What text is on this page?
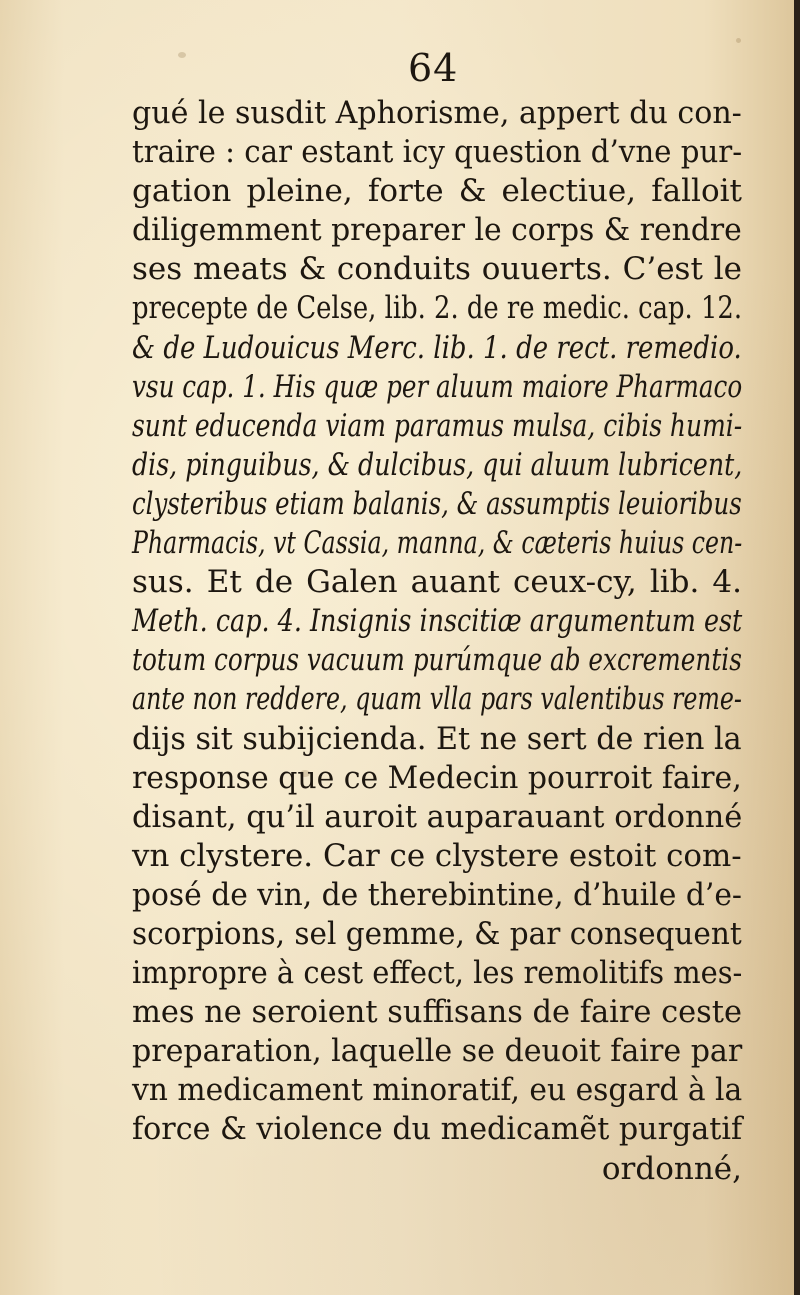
64
gué le susdit Aphorisme, appert du con-
traire : car estant icy question d’vne pur-
gation pleine, forte & electiue, falloit
diligemment preparer le corps & rendre
ses meats & conduits ouuerts. C’est le
precepte de Celse, lib. 2. de re medic. cap. 12.
& de Ludouicus Merc. lib. 1. de rect. remedio.
vsu cap. 1. His quæ per aluum maiore Pharmaco
sunt educenda viam paramus mulsa, cibis humi-
dis, pinguibus, & dulcibus, qui aluum lubricent,
clysteribus etiam balanis, & assumptis leuioribus
Pharmacis, vt Cassia, manna, & cæteris huius cen-
sus. Et de Galen auant ceux-cy, lib. 4.
Meth. cap. 4. Insignis inscitiæ argumentum est
totum corpus vacuum purúmque ab excrementis
ante non reddere, quam vlla pars valentibus reme-
dijs sit subijcienda. Et ne sert de rien la
response que ce Medecin pourroit faire,
disant, qu’il auroit auparauant ordonné
vn clystere. Car ce clystere estoit com-
posé de vin, de therebintine, d’huile d’e-
scorpions, sel gemme, & par consequent
impropre à cest effect, les remolitifs mes-
mes ne seroient suffisans de faire ceste
preparation, laquelle se deuoit faire par
vn medicament minoratif, eu esgard à la
force & violence du medicamẽt purgatif
ordonné,
